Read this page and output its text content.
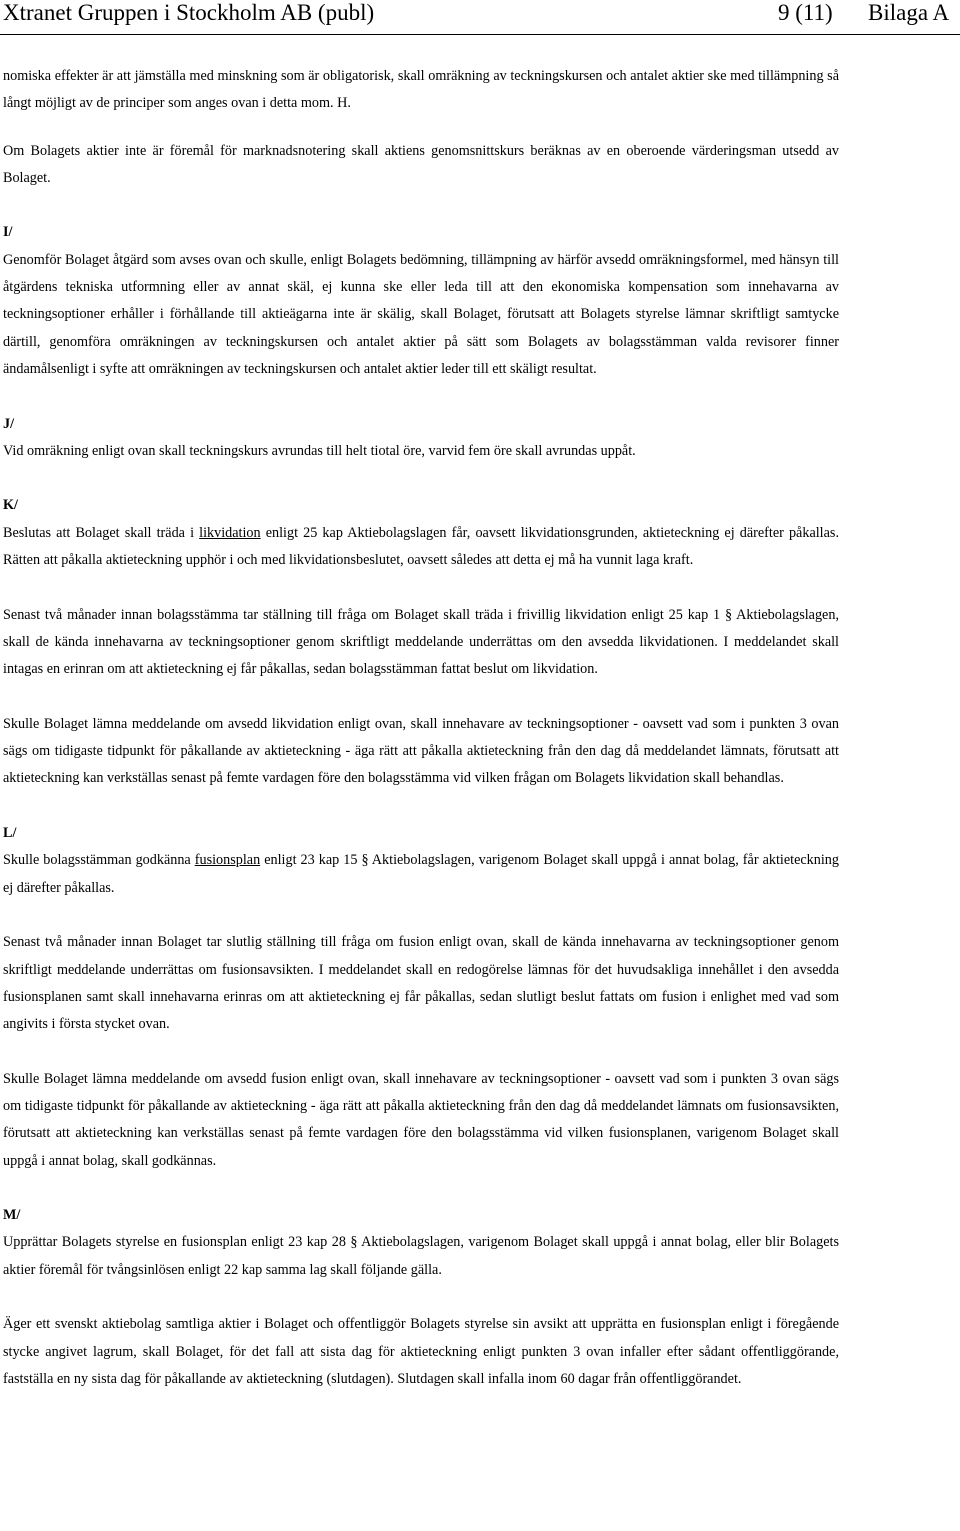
Xtranet Gruppen i Stockholm AB (publ)	9 (11) Bilaga A

nomiska effekter är att jämställa med minskning som är obligatorisk, skall omräkning av teckningskursen och antalet aktier ske med tillämpning så långt möjligt av de principer som anges ovan i detta mom. H.

Om Bolagets aktier inte är föremål för marknadsnotering skall aktiens genomsnittskurs beräknas av en oberoende värderingsman utsedd av Bolaget.

I/

Genomför Bolaget åtgärd som avses ovan och skulle, enligt Bolagets bedömning, tillämpning av härför avsedd omräkningsformel, med hänsyn till åtgärdens tekniska utformning eller av annat skäl, ej kunna ske eller leda till att den ekonomiska kompensation som innehavarna av teckningsoptioner erhåller i förhållande till aktieägarna inte är skälig, skall Bolaget, förutsatt att Bolagets styrelse lämnar skriftligt samtycke därtill, genomföra omräkningen av teckningskursen och antalet aktier på sätt som Bolagets av bolagsstämman valda revisorer finner ändamålsenligt i syfte att omräkningen av teckningskursen och antalet aktier leder till ett skäligt resultat.

J/

Vid omräkning enligt ovan skall teckningskurs avrundas till helt tiotal öre, varvid fem öre skall avrundas uppåt.

K/

Beslutas att Bolaget skall träda i likvidation enligt 25 kap Aktiebolagslagen får, oavsett likvidationsgrunden, aktieteckning ej därefter påkallas. Rätten att påkalla aktieteckning upphör i och med likvidationsbeslutet, oavsett således att detta ej må ha vunnit laga kraft.

Senast två månader innan bolagsstämma tar ställning till fråga om Bolaget skall träda i frivillig likvidation enligt 25 kap 1 § Aktiebolagslagen, skall de kända innehavarna av teckningsoptioner genom skriftligt meddelande underrättas om den avsedda likvidationen. I meddelandet skall intagas en erinran om att aktieteckning ej får påkallas, sedan bolagsstämman fattat beslut om likvidation.

Skulle Bolaget lämna meddelande om avsedd likvidation enligt ovan, skall innehavare av teckningsoptioner - oavsett vad som i punkten 3 ovan sägs om tidigaste tidpunkt för påkallande av aktieteckning - äga rätt att påkalla aktieteckning från den dag då meddelandet lämnats, förutsatt att aktieteckning kan verkställas senast på femte vardagen före den bolagsstämma vid vilken frågan om Bolagets likvidation skall behandlas.

L/

Skulle bolagsstämman godkänna fusionsplan enligt 23 kap 15 § Aktiebolagslagen, varigenom Bolaget skall uppgå i annat bolag, får aktieteckning ej därefter påkallas.

Senast två månader innan Bolaget tar slutlig ställning till fråga om fusion enligt ovan, skall de kända innehavarna av teckningsoptioner genom skriftligt meddelande underrättas om fusionsavsikten. I meddelandet skall en redogörelse lämnas för det huvudsakliga innehållet i den avsedda fusionsplanen samt skall innehavarna erinras om att aktieteckning ej får påkallas, sedan slutligt beslut fattats om fusion i enlighet med vad som angivits i första stycket ovan.

Skulle Bolaget lämna meddelande om avsedd fusion enligt ovan, skall innehavare av teckningsoptioner - oavsett vad som i punkten 3 ovan sägs om tidigaste tidpunkt för påkallande av aktieteckning - äga rätt att påkalla aktieteckning från den dag då meddelandet lämnats om fusionsavsikten, förutsatt att aktieteckning kan verkställas senast på femte vardagen före den bolagsstämma vid vilken fusionsplanen, varigenom Bolaget skall uppgå i annat bolag, skall godkännas.

M/

Upprättar Bolagets styrelse en fusionsplan enligt 23 kap 28 § Aktiebolagslagen, varigenom Bolaget skall uppgå i annat bolag, eller blir Bolagets aktier föremål för tvångsinlösen enligt 22 kap samma lag skall följande gälla.

Äger ett svenskt aktiebolag samtliga aktier i Bolaget och offentliggör Bolagets styrelse sin avsikt att upprätta en fusionsplan enligt i föregående stycke angivet lagrum, skall Bolaget, för det fall att sista dag för aktieteckning enligt punkten 3 ovan infaller efter sådant offentliggörande, fastställa en ny sista dag för påkallande av aktieteckning (slutdagen). Slutdagen skall infalla inom 60 dagar från offentliggörandet.
